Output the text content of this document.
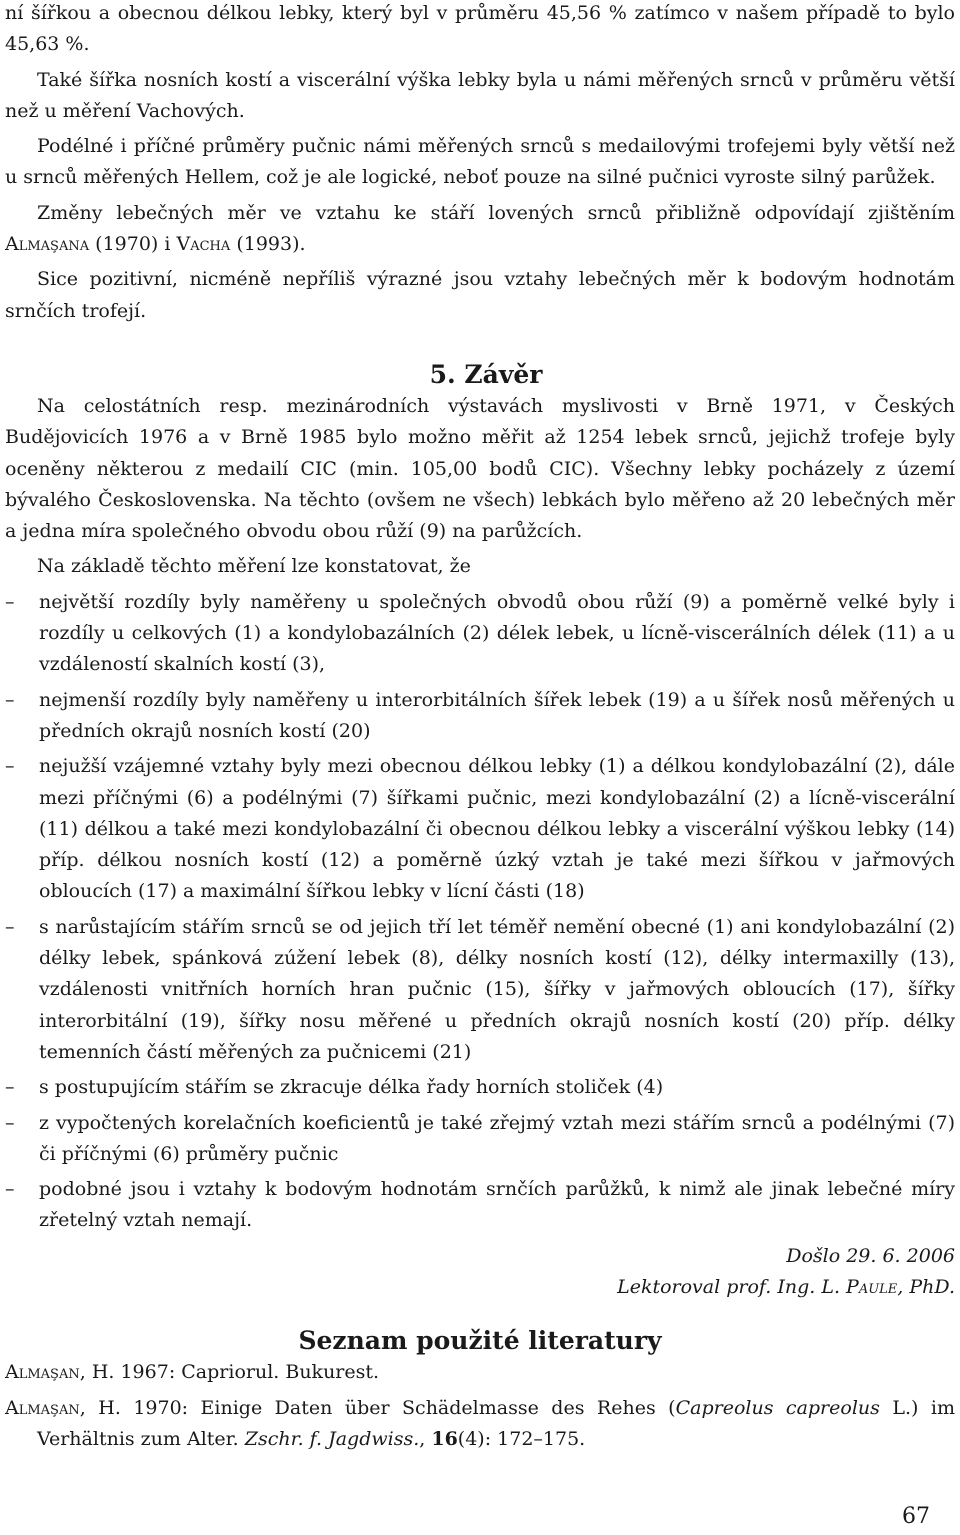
ní šířkou a obecnou délkou lebky, který byl v průměru 45,56 % zatímco v našem případě to bylo 45,63 %.

Také šířka nosních kostí a viscerální výška lebky byla u námi měřených srnců v průměru větší než u měření Vachových.

Podélné i příčné průměry pučnic námi měřených srnců s medailovými trofejemi byly větší než u srnců měřených Hellem, což je ale logické, neboť pouze na silné pučnici vyroste silný parůžek.

Změny lebečných měr ve vztahu ke stáří lovených srnců přibližně odpovídají zjištěním Almaşana (1970) i Vacha (1993).

Sice pozitivní, nicméně nepříliš výrazné jsou vztahy lebečných měr k bodovým hodnotám srnčích trofejí.

5. Závěr

Na celostátních resp. mezinárodních výstavách myslivosti v Brně 1971, v Českých Budějovicích 1976 a v Brně 1985 bylo možno měřit až 1254 lebek srnců, jejichž trofeje byly oceněny některou z medailí CIC (min. 105,00 bodů CIC). Všechny lebky pocházely z území bývalého Československa. Na těchto (ovšem ne všech) lebkách bylo měřeno až 20 lebečných měr a jedna míra společného obvodu obou růží (9) na parůžcích.

Na základě těchto měření lze konstatovat, že

–	největší rozdíly byly naměřeny u společných obvodů obou růží (9) a poměrně velké byly i rozdíly u celkových (1) a kondylobazálních (2) délek lebek, u lícně-viscerálních délek (11) a u vzdáleností skalních kostí (3),
–	nejmenší rozdíly byly naměřeny u interorbitálních šířek lebek (19) a u šířek nosů měřených u předních okrajů nosních kostí (20)
–	nejužší vzájemné vztahy byly mezi obecnou délkou lebky (1) a délkou kondylobazální (2), dále mezi příčnými (6) a podélnými (7) šířkami pučnic, mezi kondylobazální (2) a lícně-viscerální (11) délkou a také mezi kondylobazální či obecnou délkou lebky a viscerální výškou lebky (14) příp. délkou nosních kostí (12) a poměrně úzký vztah je také mezi šířkou v jařmových obloucích (17) a maximální šířkou lebky v lícní části (18)
–	s narůstajícím stářím srnců se od jejich tří let téměř nemění obecné (1) ani kondylobazální (2) délky lebek, spánková zúžení lebek (8), délky nosních kostí (12), délky intermaxilly (13), vzdálenosti vnitřních horních hran pučnic (15), šířky v jařmových obloucích (17), šířky interorbitální (19), šířky nosu měřené u předních okrajů nosních kostí (20) příp. délky temenních částí měřených za pučnicemi (21)
–	s postupujícím stářím se zkracuje délka řady horních stoliček (4)
–	z vypočtených korelačních koeficientů je také zřejmý vztah mezi stářím srnců a podélnými (7) či příčnými (6) průměry pučnic
–	podobné jsou i vztahy k bodovým hodnotám srnčích parůžků, k nimž ale jinak lebečné míry zřetelný vztah nemají.

Došlo 29. 6. 2006

Lektoroval prof. Ing. L. Paule, PhD.

Seznam použité literatury

Almaşan, H. 1967: Capriorul. Bukurest.

Almaşan, H. 1970: Einige Daten über Schädelmasse des Rehes (Capreolus capreolus L.) im Verhältnis zum Alter. Zschr. f. Jagdwiss., 16(4): 172–175.

67
